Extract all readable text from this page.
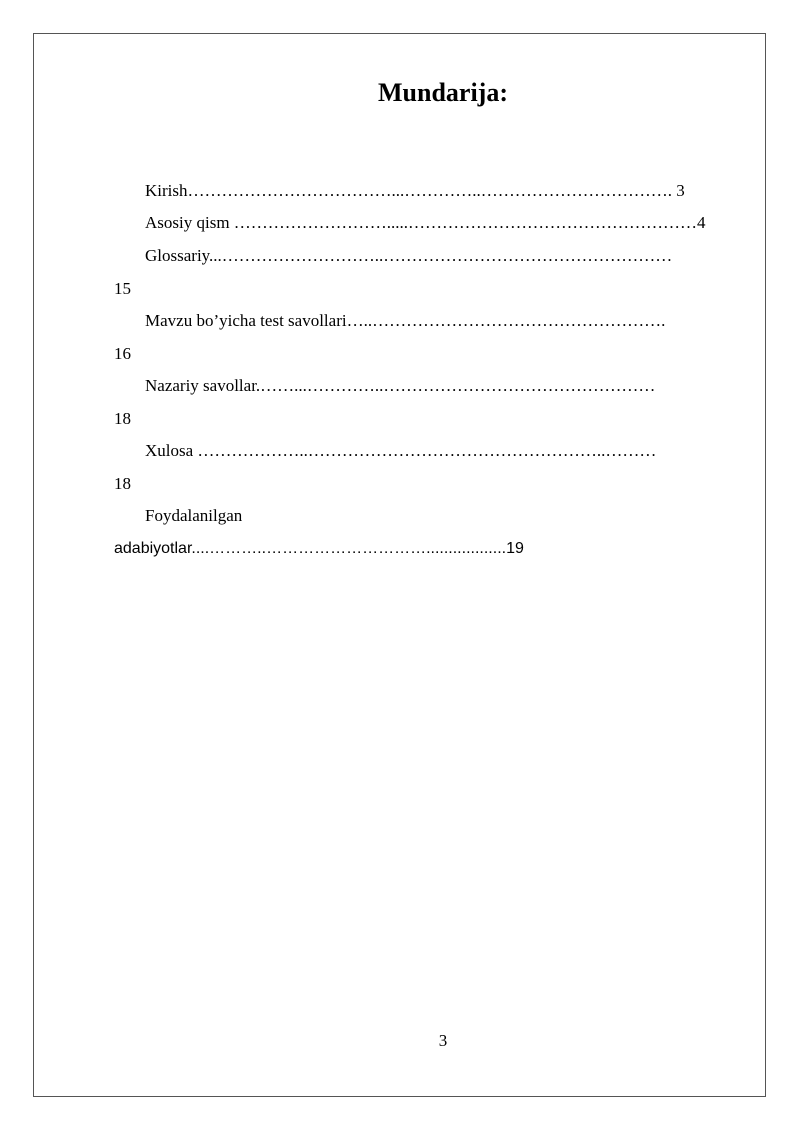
Mundarija:
Kirish………………………………...…………..……………………………. 3
Asosiy qism ……………………….....……………………………………………4
Glossariy...………………………..……………………………………………
15
Mavzu bo’yicha test savollari…..…………………………………………….
16
Nazariy savollar.……...…………..…………………………………………
18
Xulosa ………………..……………………………………………..………
18
Foydalanilgan
adabiyotlar....………..…………………………..................19
3
